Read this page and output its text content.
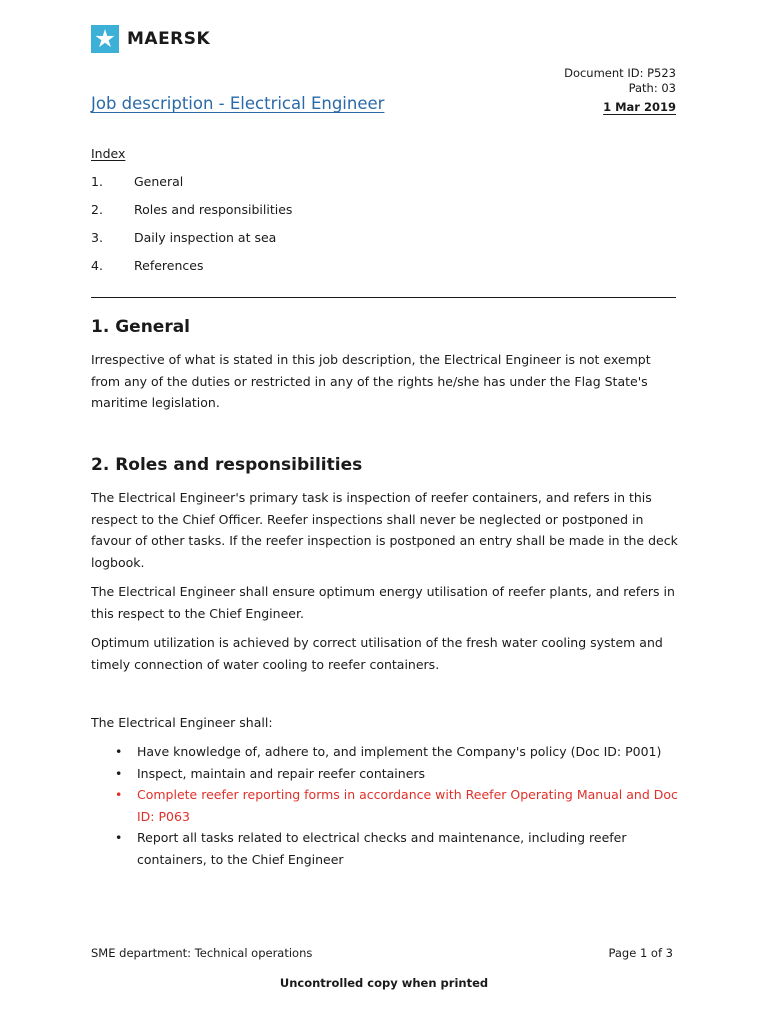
MAERSK
Document ID: P523
Path: 03
Job description - Electrical Engineer	1 Mar 2019
Index
1.	General
2.	Roles and responsibilities
3.	Daily inspection at sea
4.	References
1. General

Irrespective of what is stated in this job description, the Electrical Engineer is not exempt from any of the duties or restricted in any of the rights he/she has under the Flag State's maritime legislation.

2. Roles and responsibilities

The Electrical Engineer's primary task is inspection of reefer containers, and refers in this respect to the Chief Officer. Reefer inspections shall never be neglected or postponed in favour of other tasks. If the reefer inspection is postponed an entry shall be made in the deck logbook.

The Electrical Engineer shall ensure optimum energy utilisation of reefer plants, and refers in this respect to the Chief Engineer.

Optimum utilization is achieved by correct utilisation of the fresh water cooling system and timely connection of water cooling to reefer containers.

The Electrical Engineer shall:

• Have knowledge of, adhere to, and implement the Company's policy (Doc ID: P001)
• Inspect, maintain and repair reefer containers
• Complete reefer reporting forms in accordance with Reefer Operating Manual and Doc ID: P063
• Report all tasks related to electrical checks and maintenance, including reefer containers, to the Chief Engineer
SME department: Technical operations	Page 1 of 3
Uncontrolled copy when printed
